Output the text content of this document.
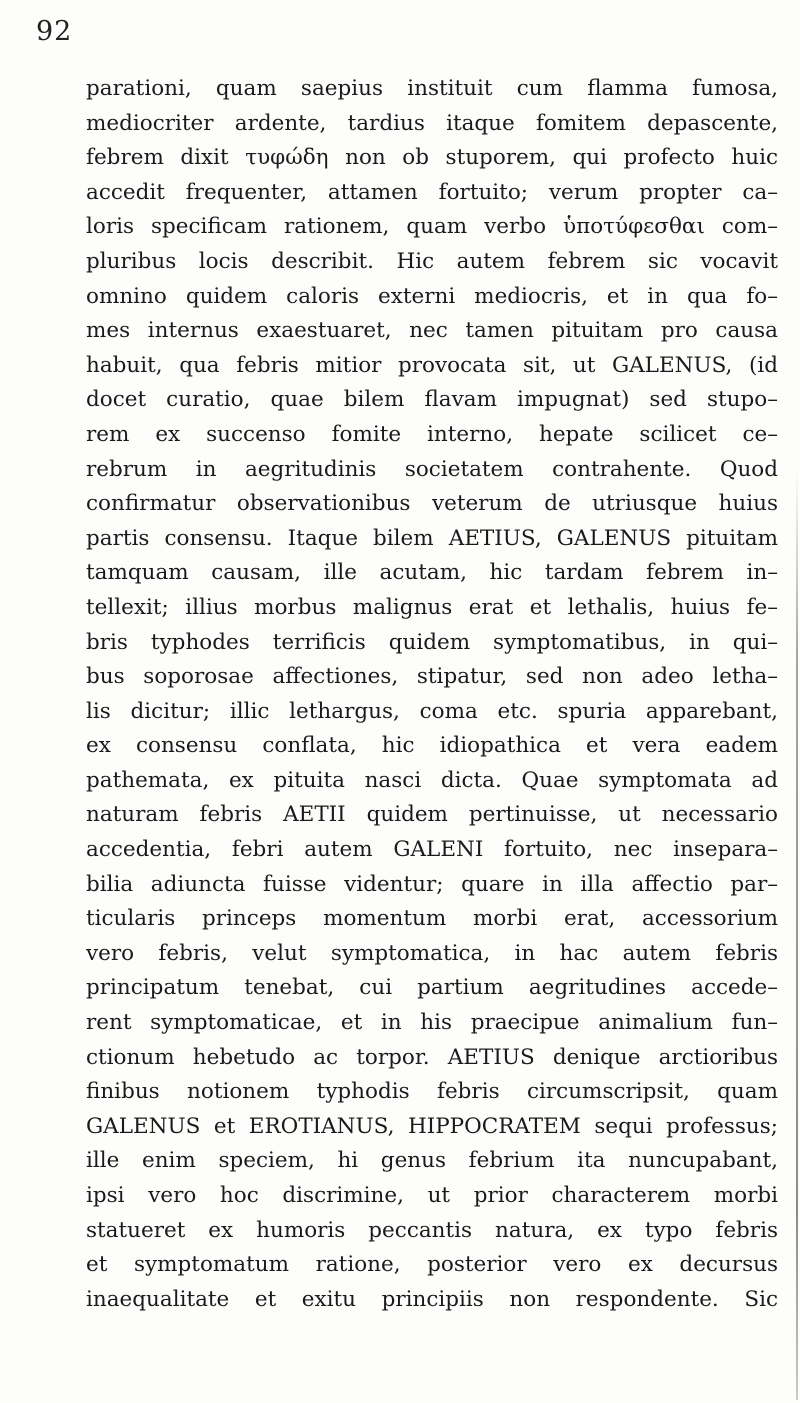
92
parationi, quam saepius instituit cum flamma fumosa,
mediocriter ardente, tardius itaque fomitem depascente,
febrem dixit τυφώδη non ob stuporem, qui profecto huic
accedit frequenter, attamen fortuito; verum propter ca–
loris specificam rationem, quam verbo ὑποτύφεσθαι com–
pluribus locis describit. Hic autem febrem sic vocavit
omnino quidem caloris externi mediocris, et in qua fo–
mes internus exaestuaret, nec tamen pituitam pro causa
habuit, qua febris mitior provocata sit, ut GALENUS, (id
docet curatio, quae bilem flavam impugnat) sed stupo–
rem ex succenso fomite interno, hepate scilicet ce–
rebrum in aegritudinis societatem contrahente. Quod
confirmatur observationibus veterum de utriusque huius
partis consensu. Itaque bilem AETIUS, GALENUS pituitam
tamquam causam, ille acutam, hic tardam febrem in–
tellexit; illius morbus malignus erat et lethalis, huius fe–
bris typhodes terrificis quidem symptomatibus, in qui–
bus soporosae affectiones, stipatur, sed non adeo letha–
lis dicitur; illic lethargus, coma etc. spuria apparebant,
ex consensu conflata, hic idiopathica et vera eadem
pathemata, ex pituita nasci dicta. Quae symptomata ad
naturam febris AETII quidem pertinuisse, ut necessario
accedentia, febri autem GALENI fortuito, nec insepara–
bilia adiuncta fuisse videntur; quare in illa affectio par–
ticularis princeps momentum morbi erat, accessorium
vero febris, velut symptomatica, in hac autem febris
principatum tenebat, cui partium aegritudines accede–
rent symptomaticae, et in his praecipue animalium fun–
ctionum hebetudo ac torpor. AETIUS denique arctioribus
finibus notionem typhodis febris circumscripsit, quam
GALENUS et EROTIANUS, HIPPOCRATEM sequi professus;
ille enim speciem, hi genus febrium ita nuncupabant,
ipsi vero hoc discrimine, ut prior characterem morbi
statueret ex humoris peccantis natura, ex typo febris
et symptomatum ratione, posterior vero ex decursus
inaequalitate et exitu principiis non respondente. Sic
